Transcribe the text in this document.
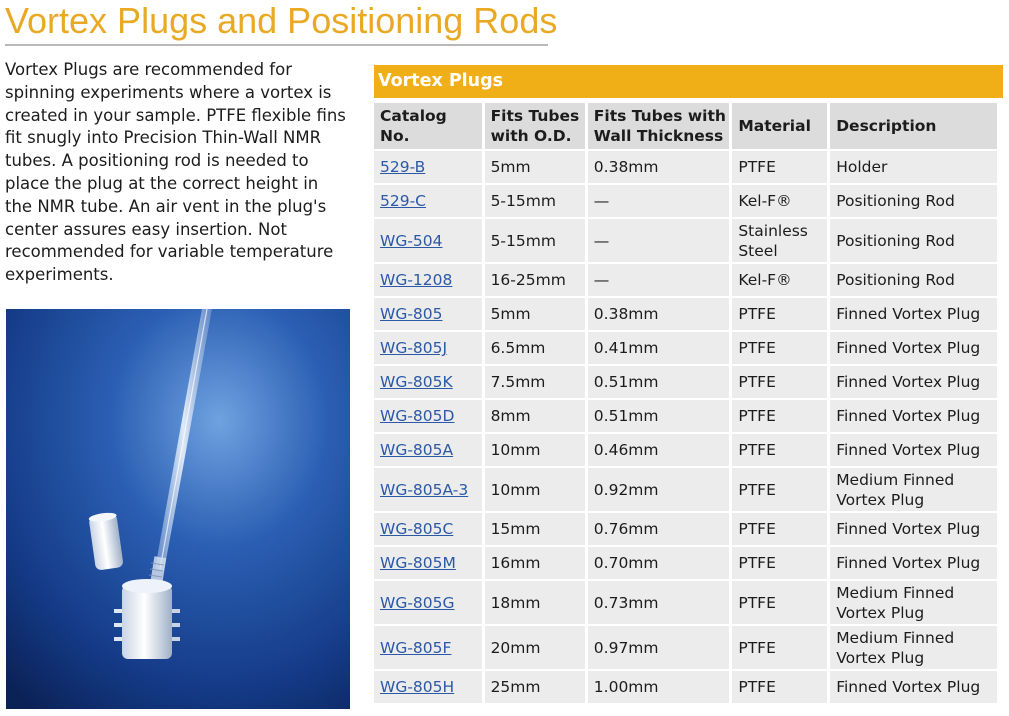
Vortex Plugs and Positioning Rods
Vortex Plugs are recommended for spinning experiments where a vortex is created in your sample. PTFE flexible fins fit snugly into Precision Thin-Wall NMR tubes. A positioning rod is needed to place the plug at the correct height in the NMR tube. An air vent in the plug's center assures easy insertion. Not recommended for variable temperature experiments.
Vortex Plugs
Catalog No.	Fits Tubes with O.D.	Fits Tubes with Wall Thickness	Material	Description
529-B	5mm	0.38mm	PTFE	Holder
529-C	5-15mm	—	Kel-F®	Positioning Rod
WG-504	5-15mm	—	Stainless Steel	Positioning Rod
WG-1208	16-25mm	—	Kel-F®	Positioning Rod
WG-805	5mm	0.38mm	PTFE	Finned Vortex Plug
WG-805J	6.5mm	0.41mm	PTFE	Finned Vortex Plug
WG-805K	7.5mm	0.51mm	PTFE	Finned Vortex Plug
WG-805D	8mm	0.51mm	PTFE	Finned Vortex Plug
WG-805A	10mm	0.46mm	PTFE	Finned Vortex Plug
WG-805A-3	10mm	0.92mm	PTFE	Medium Finned Vortex Plug
WG-805C	15mm	0.76mm	PTFE	Finned Vortex Plug
WG-805M	16mm	0.70mm	PTFE	Finned Vortex Plug
WG-805G	18mm	0.73mm	PTFE	Medium Finned Vortex Plug
WG-805F	20mm	0.97mm	PTFE	Medium Finned Vortex Plug
WG-805H	25mm	1.00mm	PTFE	Finned Vortex Plug
